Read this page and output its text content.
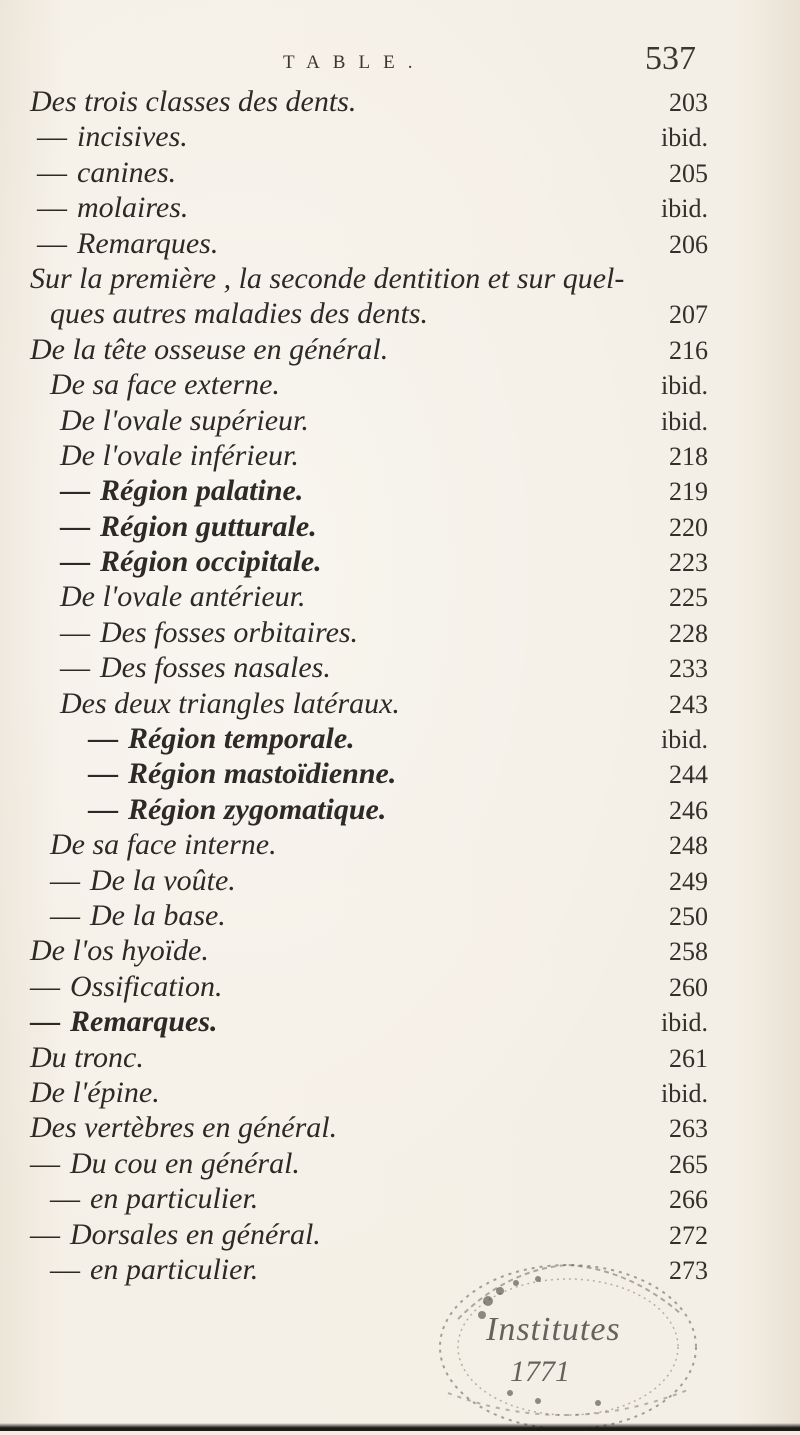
TABLE.	537
Des trois classes des dents.	203
— incisives.	ibid.
— canines.	205
— molaires.	ibid.
— Remarques.	206
Sur la première , la seconde dentition et sur quel-
ques autres maladies des dents.	207
De la tête osseuse en général.	216
De sa face externe.	ibid.
De l'ovale supérieur.	ibid.
De l'ovale inférieur.	218
— Région palatine.	219
— Région gutturale.	220
— Région occipitale.	223
De l'ovale antérieur.	225
— Des fosses orbitaires.	228
— Des fosses nasales.	233
Des deux triangles latéraux.	243
— Région temporale.	ibid.
— Région mastoïdienne.	244
— Région zygomatique.	246
De sa face interne.	248
— De la voûte.	249
— De la base.	250
De l'os hyoïde.	258
— Ossification.	260
— Remarques.	ibid.
Du tronc.	261
De l'épine.	ibid.
Des vertèbres en général.	263
— Du cou en général.	265
— en particulier.	266
— Dorsales en général.	272
— en particulier.	273
Institutes
1771
